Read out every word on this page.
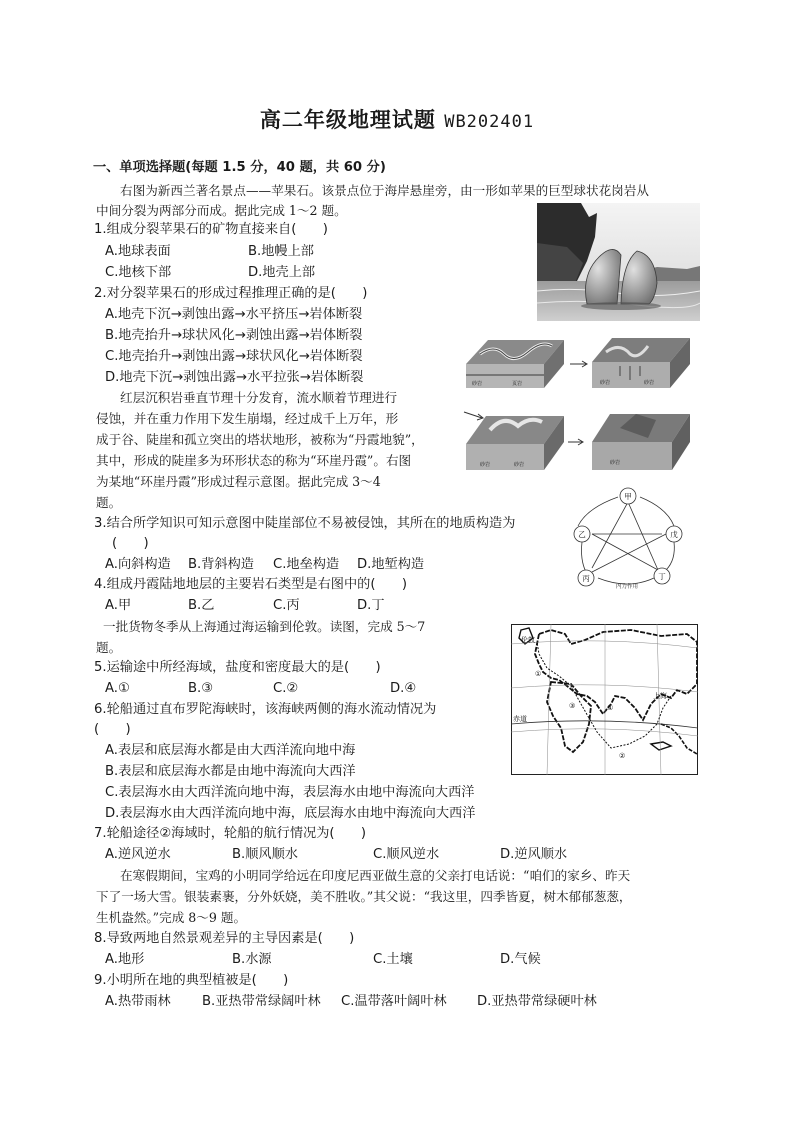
高二年级地理试题 WB202401
一、单项选择题(每题 1.5 分，40 题，共 60 分)
右图为新西兰著名景点——苹果石。该景点位于海岸悬崖旁，由一形如苹果的巨型球状花岗岩从
中间分裂为两部分而成。据此完成 1～2 题。
1.组成分裂苹果石的矿物直接来自(　　)
A.地球表面	B.地幔上部
C.地核下部	D.地壳上部
2.对分裂苹果石的形成过程推理正确的是(　　)
A.地壳下沉→剥蚀出露→水平挤压→岩体断裂
B.地壳抬升→球状风化→剥蚀出露→岩体断裂
C.地壳抬升→剥蚀出露→球状风化→岩体断裂
D.地壳下沉→剥蚀出露→水平拉张→岩体断裂
红层沉积岩垂直节理十分发育，流水顺着节理进行
侵蚀，并在重力作用下发生崩塌，经过成千上万年，形
成于谷、陡崖和孤立突出的塔状地形，被称为“丹霞地貌”，
其中，形成的陡崖多为环形状态的称为“环崖丹霞”。右图
为某地“环崖丹霞”形成过程示意图。据此完成 3～4
题。
3.结合所学知识可知示意图中陡崖部位不易被侵蚀，其所在的地质构造为
(　　)
A.向斜构造 B.背斜构造 C.地垒构造 D.地堑构造
4.组成丹霞陆地地层的主要岩石类型是右图中的(　　)
A.甲	B.乙	C.丙	D.丁
一批货物冬季从上海通过海运输到伦敦。读图，完成 5～7
题。
5.运输途中所经海域，盐度和密度最大的是(　　)
A.①	B.③	C.②	D.④
6.轮船通过直布罗陀海峡时，该海峡两侧的海水流动情况为
(　　)
A.表层和底层海水都是由大西洋流向地中海
B.表层和底层海水都是由地中海流向大西洋
C.表层海水由大西洋流向地中海，表层海水由地中海流向大西洋
D.表层海水由大西洋流向地中海，底层海水由地中海流向大西洋
7.轮船途径②海域时，轮船的航行情况为(　　)
A.逆风逆水	B.顺风顺水	C.顺风逆水	D.逆风顺水
在寒假期间，宝鸡的小明同学给远在印度尼西亚做生意的父亲打电话说：“咱们的家乡、昨天
下了一场大雪。银装素裹，分外妖娆，美不胜收。”其父说：“我这里，四季皆夏，树木郁郁葱葱，
生机盎然。”完成 8～9 题。
8.导致两地自然景观差异的主导因素是(　　)
A.地形	B.水源	C.土壤	D.气候
9.小明所在地的典型植被是(　　)
A.热带雨林 B.亚热带常绿阔叶林 C.温带落叶阔叶林 D.亚热带常绿硬叶林
砂岩	页岩	砂岩	砂岩
砂岩	砂岩	砂岩
甲
乙	戊
丙	丁
内力作用
伦敦
上海
赤道
①
②
③	④
